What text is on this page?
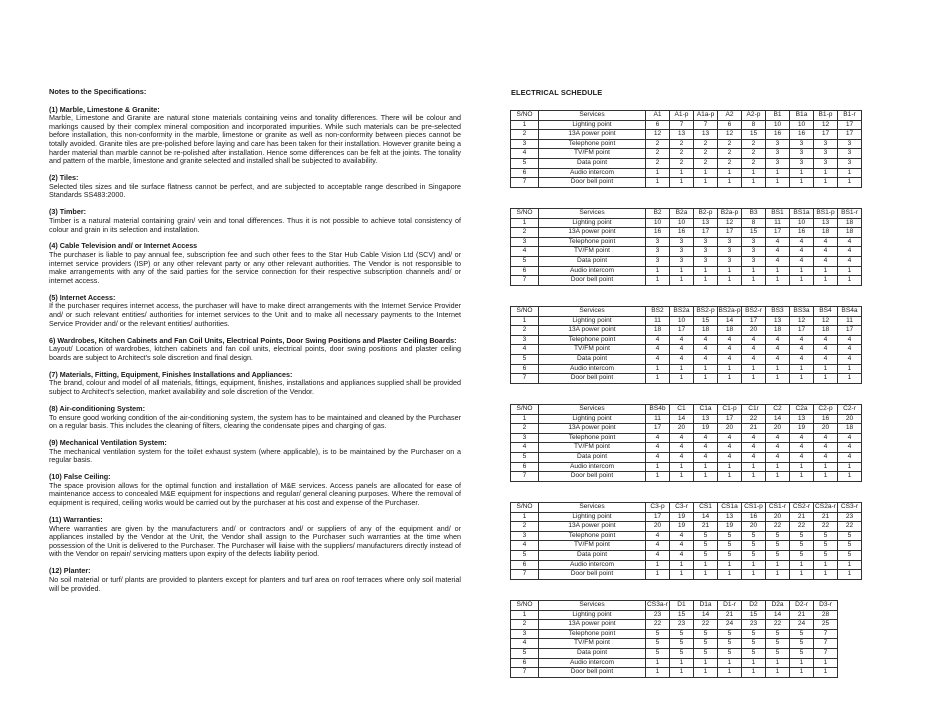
Notes to the Specifications:
(1) Marble, Limestone & Granite:

Marble, Limestone and Granite are natural stone materials containing veins and tonality differences. There will be colour and markings caused by their complex mineral composition and incorporated impurities. While such materials can be pre-selected before installation, this non-conformity in the marble, limestone or granite as well as non-conformity between pieces cannot be totally avoided. Granite tiles are pre-polished before laying and care has been taken for their installation. However granite being a harder material than marble cannot be re-polished after installation. Hence some differences can be felt at the joints. The tonality and pattern of the marble, limestone and granite selected and installed shall be subjected to availability.

(2) Tiles:

Selected tiles sizes and tile surface flatness cannot be perfect, and are subjected to acceptable range described in Singapore Standards SS483:2000.

(3) Timber:

Timber is a natural material containing grain/ vein and tonal differences. Thus it is not possible to achieve total consistency of colour and grain in its selection and installation.

(4) Cable Television and/ or Internet Access

The purchaser is liable to pay annual fee, subscription fee and such other fees to the Star Hub Cable Vision Ltd (SCV) and/ or internet service providers (ISP) or any other relevant party or any other relevant authorities. The Vendor is not responsible to make arrangements with any of the said parties for the service connection for their respective subscription channels and/ or internet access.

(5) Internet Access:

If the purchaser requires internet access, the purchaser will have to make direct arrangements with the Internet Service Provider and/ or such relevant entities/ authorities for internet services to the Unit and to make all necessary payments to the Internet Service Provider and/ or the relevant entities/ authorities.

6) Wardrobes, Kitchen Cabinets and Fan Coil Units, Electrical Points, Door Swing Positions and Plaster Ceiling Boards:

Layout/ Location of wardrobes, kitchen cabinets and fan coil units, electrical points, door swing positions and plaster ceiling boards are subject to Architect's sole discretion and final design.

(7) Materials, Fitting, Equipment, Finishes Installations and Appliances:

The brand, colour and model of all materials, fittings, equipment, finishes, installations and appliances supplied shall be provided subject to Architect's selection, market availability and sole discretion of the Vendor.

(8) Air-conditioning System:

To ensure good working condition of the air-conditioning system, the system has to be maintained and cleaned by the Purchaser on a regular basis. This includes the cleaning of filters, clearing the condensate pipes and charging of gas.

(9) Mechanical Ventilation System:

The mechanical ventilation system for the toilet exhaust system (where applicable), is to be maintained by the Purchaser on a regular basis.

(10) False Ceiling:

The space provision allows for the optimal function and installation of M&E services. Access panels are allocated for ease of maintenance access to concealed M&E equipment for inspections and regular/ general cleaning purposes. Where the removal of equipment is required, ceiling works would be carried out by the purchaser at his cost and expense of the Purchaser.

(11) Warranties:

Where warranties are given by the manufacturers and/ or contractors and/ or suppliers of any of the equipment and/ or appliances installed by the Vendor at the Unit, the Vendor shall assign to the Purchaser such warranties at the time when possession of the Unit is delivered to the Purchaser. The Purchaser will liaise with the suppliers/ manufacturers directly instead of with the Vendor on repair/ servicing matters upon expiry of the defects liability period.

(12) Planter:

No soil material or turf/ plants are provided to planters except for planters and turf area on roof terraces where only soil material will be provided.

ELECTRICAL SCHEDULE
S/NO	Services	A1	A1-p	A1a-p	A2	A2-p	B1	B1a	B1-p	B1-r
1	Lighting point	6	7	7	6	8	10	10	12	17
2	13A power point	12	13	13	12	15	16	16	17	17
3	Telephone point	2	2	2	2	2	3	3	3	3
4	TV/FM point	2	2	2	2	2	3	3	3	3
5	Data point	2	2	2	2	2	3	3	3	3
6	Audio intercom	1	1	1	1	1	1	1	1	1
7	Door bell point	1	1	1	1	1	1	1	1	1
S/NO	Services	B2	B2a	B2-p	B2a-p	B3	BS1	BS1a	BS1-p	BS1-r
1	Lighting point	10	10	13	12	8	11	10	13	18
2	13A power point	16	16	17	17	15	17	16	18	18
3	Telephone point	3	3	3	3	3	4	4	4	4
4	TV/FM point	3	3	3	3	3	4	4	4	4
5	Data point	3	3	3	3	3	4	4	4	4
6	Audio intercom	1	1	1	1	1	1	1	1	1
7	Door bell point	1	1	1	1	1	1	1	1	1
S/NO	Services	BS2	BS2a	BS2-p	BS2a-p	BS2-r	BS3	BS3a	BS4	BS4a
1	Lighting point	11	10	15	14	17	13	12	12	11
2	13A power point	18	17	18	18	20	18	17	18	17
3	Telephone point	4	4	4	4	4	4	4	4	4
4	TV/FM point	4	4	4	4	4	4	4	4	4
5	Data point	4	4	4	4	4	4	4	4	4
6	Audio intercom	1	1	1	1	1	1	1	1	1
7	Door bell point	1	1	1	1	1	1	1	1	1
S/NO	Services	BS4b	C1	C1a	C1-p	C1r	C2	C2a	C2-p	C2-r
1	Lighting point	11	14	13	17	22	14	13	16	20
2	13A power point	17	20	19	20	21	20	19	20	18
3	Telephone point	4	4	4	4	4	4	4	4	4
4	TV/FM point	4	4	4	4	4	4	4	4	4
5	Data point	4	4	4	4	4	4	4	4	4
6	Audio intercom	1	1	1	1	1	1	1	1	1
7	Door bell point	1	1	1	1	1	1	1	1	1
S/NO	Services	C3-p	C3-r	CS1	CS1a	CS1-p	CS1-r	CS2-r	CS2a-r	CS3-r
1	Lighting point	17	19	14	13	16	20	21	21	23
2	13A power point	20	19	21	19	20	22	22	22	22
3	Telephone point	4	4	5	5	5	5	5	5	5
4	TV/FM point	4	4	5	5	5	5	5	5	5
5	Data point	4	4	5	5	5	5	5	5	5
6	Audio intercom	1	1	1	1	1	1	1	1	1
7	Door bell point	1	1	1	1	1	1	1	1	1
S/NO	Services	CS3a-r	D1	D1a	D1-r	D2	D2a	D2-r	D3-r
1	Lighting point	23	15	14	21	15	14	21	28
2	13A power point	22	23	22	24	23	22	24	25
3	Telephone point	5	5	5	5	5	5	5	7
4	TV/FM point	5	5	5	5	5	5	5	7
5	Data point	5	5	5	5	5	5	5	7
6	Audio intercom	1	1	1	1	1	1	1	1
7	Door bell point	1	1	1	1	1	1	1	1
